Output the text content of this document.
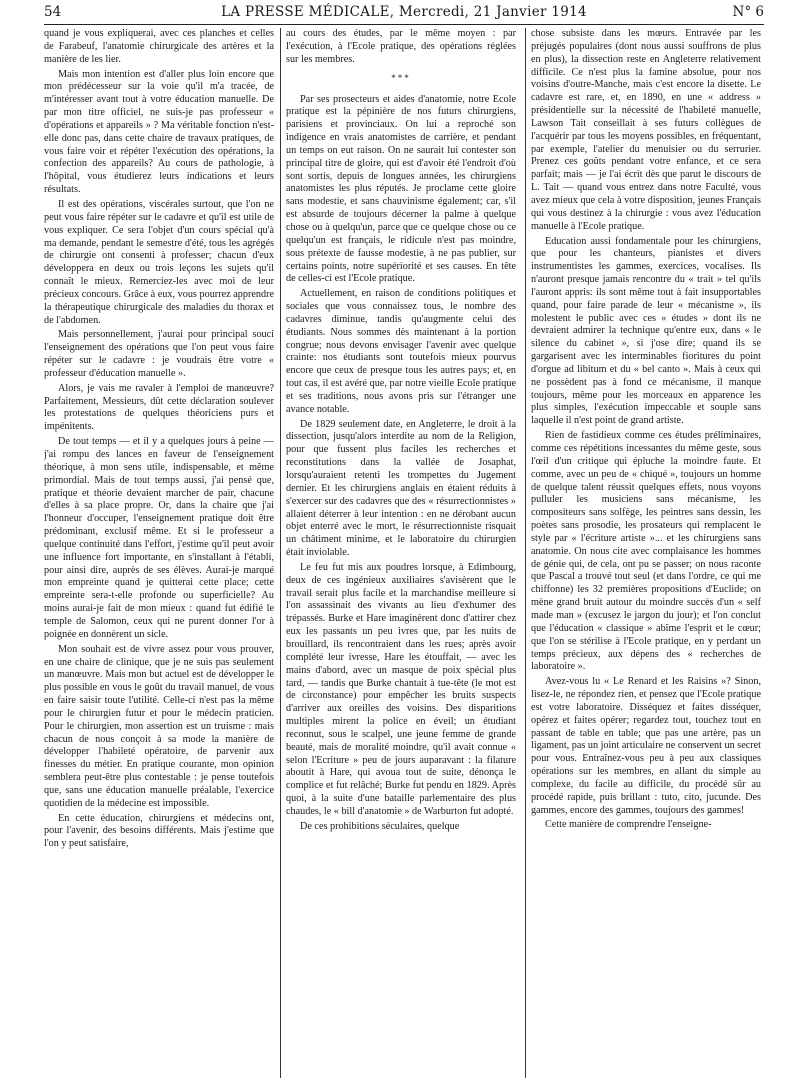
54	LA PRESSE MÉDICALE, Mercredi, 21 Janvier 1914	N° 6

quand je vous expliquerai, avec ces planches et celles de Farabeuf, l'anatomie chirurgicale des artères et la manière de les lier.

Mais mon intention est d'aller plus loin encore que mon prédécesseur sur la voie qu'il m'a tracée, de m'intéresser avant tout à votre éducation manuelle. De par mon titre officiel, ne suis-je pas professeur « d'opérations et appareils » ? Ma véritable fonction n'est-elle donc pas, dans cette chaire de travaux pratiques, de vous faire voir et répéter l'exécution des opérations, la confection des appareils? Au cours de pathologie, à l'hôpital, vous étudierez leurs indications et leurs résultats.

Il est des opérations, viscérales surtout, que l'on ne peut vous faire répéter sur le cadavre et qu'il est utile de vous expliquer. Ce sera l'objet d'un cours spécial qu'à ma demande, pendant le semestre d'été, tous les agrégés de chirurgie ont consenti à professer; chacun d'eux développera en deux ou trois leçons les sujets qu'il connaît le mieux. Remerciez-les avec moi de leur précieux concours. Grâce à eux, vous pourrez apprendre la thérapeutique chirurgicale des maladies du thorax et de l'abdomen.

Mais personnellement, j'aurai pour principal souci l'enseignement des opérations que l'on peut vous faire répéter sur le cadavre : je voudrais être votre « professeur d'éducation manuelle ».

Alors, je vais me ravaler à l'emploi de manœuvre? Parfaitement, Messieurs, dût cette déclaration soulever les protestations de quelques théoriciens purs et impénitents.

De tout temps — et il y a quelques jours à peine — j'ai rompu des lances en faveur de l'enseignement théorique, à mon sens utile, indispensable, et même primordial. Mais de tout temps aussi, j'ai pensé que, pratique et théorie devaient marcher de pair, chacune d'elles à sa place propre. Or, dans la chaire que j'ai l'honneur d'occuper, l'enseignement pratique doit être prédominant, exclusif même. Et si le professeur a quelque continuité dans l'effort, j'estime qu'il peut avoir une influence fort importante, en s'installant à l'établi, pour ainsi dire, auprès de ses élèves. Aurai-je marqué mon empreinte quand je quitterai cette place; cette empreinte sera-t-elle profonde ou superficielle? Au moins aurai-je fait de mon mieux : quand fut édifié le temple de Salomon, ceux qui ne purent donner l'or à poignée en donnèrent un sicle.

Mon souhait est de vivre assez pour vous prouver, en une chaire de clinique, que je ne suis pas seulement un manœuvre. Mais mon but actuel est de développer le plus possible en vous le goût du travail manuel, de vous en faire saisir toute l'utilité. Celle-ci n'est pas la même pour le chirurgien futur et pour le médecin praticien. Pour le chirurgien, mon assertion est un truisme : mais chacun de nous conçoit à sa mode la manière de développer l'habileté opératoire, de parvenir aux finesses du métier. En pratique courante, mon opinion semblera peut-être plus contestable : je pense toutefois que, sans une éducation manuelle préalable, l'exercice quotidien de la médecine est impossible.

En cette éducation, chirurgiens et médecins ont, pour l'avenir, des besoins différents. Mais j'estime que l'on y peut satisfaire,

au cours des études, par le même moyen : par l'exécution, à l'Ecole pratique, des opérations réglées sur les membres.

***

Par ses prosecteurs et aides d'anatomie, notre Ecole pratique est la pépinière de nos futurs chirurgiens, parisiens et provinciaux. On lui a reproché son indigence en vrais anatomistes de carrière, et pendant un temps on eut raison. On ne saurait lui contester son principal titre de gloire, qui est d'avoir été l'endroit d'où sont sortis, depuis de longues années, les chirurgiens anatomistes les plus réputés. Je proclame cette gloire sans modestie, et sans chauvinisme également; car, s'il est absurde de toujours décerner la palme à quelque chose ou à quelqu'un, parce que ce quelque chose ou ce quelqu'un est français, le ridicule n'est pas moindre, sous prétexte de fausse modestie, à ne pas publier, sur certains points, notre supériorité et ses causes. En tête de celles-ci est l'Ecole pratique.

Actuellement, en raison de conditions politiques et sociales que vous connaissez tous, le nombre des cadavres diminue, tandis qu'augmente celui des étudiants. Nous sommes dès maintenant à la portion congrue; nous devons envisager l'avenir avec quelque crainte: nos étudiants sont toutefois mieux pourvus encore que ceux de presque tous les autres pays; et, en tout cas, il est avéré que, par notre vieille Ecole pratique et ses traditions, nous avons pris sur l'étranger une avance notable.

De 1829 seulement date, en Angleterre, le droit à la dissection, jusqu'alors interdite au nom de la Religion, pour que fussent plus faciles les recherches et reconstitutions dans la vallée de Josaphat, lorsqu'auraient retenti les trompettes du Jugement dernier. Et les chirurgiens anglais en étaient réduits à s'exercer sur des cadavres que des « résurrectionnistes » allaient déterrer à leur intention : en ne dérobant aucun objet enterré avec le mort, le résurrectionniste risquait un châtiment minime, et le laboratoire du chirurgien était inviolable.

Le feu fut mis aux poudres lorsque, à Edimbourg, deux de ces ingénieux auxiliaires s'avisèrent que le travail serait plus facile et la marchandise meilleure si l'on assassinait des vivants au lieu d'exhumer des trépassés. Burke et Hare imaginèrent donc d'attirer chez eux les passants un peu ivres que, par les nuits de brouillard, ils rencontraient dans les rues; après avoir complété leur ivresse, Hare les étouffait, — avec les mains d'abord, avec un masque de poix spécial plus tard, — tandis que Burke chantait à tue-tête (le mot est de circonstance) pour empêcher les bruits suspects d'arriver aux oreilles des voisins. Des disparitions multiples mirent la police en éveil; un étudiant reconnut, sous le scalpel, une jeune femme de grande beauté, mais de moralité moindre, qu'il avait connue « selon l'Ecriture » peu de jours auparavant : la filature aboutit à Hare, qui avoua tout de suite, dénonça le complice et fut relâché; Burke fut pendu en 1829. Après quoi, à la suite d'une bataille parlementaire des plus chaudes, le « bill d'anatomie » de Warburton fut adopté.

De ces prohibitions séculaires, quelque

chose subsiste dans les mœurs. Entravée par les préjugés populaires (dont nous aussi souffrons de plus en plus), la dissection reste en Angleterre relativement difficile. Ce n'est plus la famine absolue, pour nos voisins d'outre-Manche, mais c'est encore la disette. Le cadavre est rare, et, en 1890, en une « address » présidentielle sur la nécessité de l'habileté manuelle, Lawson Tait conseillait à ses futurs collègues de l'acquérir par tous les moyens possibles, en fréquentant, par exemple, l'atelier du menuisier ou du serrurier. Prenez ces goûts pendant votre enfance, et ce sera parfait; mais — je l'ai écrit dès que parut le discours de L. Tait — quand vous entrez dans notre Faculté, vous avez mieux que cela à votre disposition, jeunes Français qui vous destinez à la chirurgie : vous avez l'éducation manuelle à l'Ecole pratique.

Education aussi fondamentale pour les chirurgiens, que pour les chanteurs, pianistes et divers instrumentistes les gammes, exercices, vocalises. Ils n'auront presque jamais rencontre du « trait » tel qu'ils l'auront appris: ils sont même tout à fait insupportables quand, pour faire parade de leur « mécanisme », ils molestent le public avec ces « études » dont ils ne devraient admirer la technique qu'entre eux, dans « le silence du cabinet », si j'ose dire; quand ils se gargarisent avec les interminables fioritures du point d'orgue ad libitum et du « bel canto ». Mais à ceux qui ne possèdent pas à fond ce mécanisme, il manque toujours, même pour les morceaux en apparence les plus simples, l'exécution impeccable et souple sans laquelle il n'est point de grand artiste.

Rien de fastidieux comme ces études préliminaires, comme ces répétitions incessantes du même geste, sous l'œil d'un critique qui épluche la moindre faute. Et comme, avec un peu de « chiqué », toujours un homme de quelque talent réussit quelques effets, nous voyons pulluler les musiciens sans mécanisme, les compositeurs sans solfège, les peintres sans dessin, les poètes sans prosodie, les prosateurs qui remplacent le style par « l'écriture artiste »... et les chirurgiens sans anatomie. On nous cite avec complaisance les hommes de génie qui, de cela, ont pu se passer; on nous raconte que Pascal a trouvé tout seul (et dans l'ordre, ce qui me chiffonne) les 32 premières propositions d'Euclide; on mène grand bruit autour du moindre succès d'un « self made man » (excusez le jargon du jour); et l'on conclut que l'éducation « classique » abîme l'esprit et le cœur; que l'on se stérilise à l'Ecole pratique, en y perdant un temps précieux, aux dépens des « recherches de laboratoire ».

Avez-vous lu « Le Renard et les Raisins »? Sinon, lisez-le, ne répondez rien, et pensez que l'Ecole pratique est votre laboratoire. Disséquez et faites disséquer, opérez et faites opérer; regardez tout, touchez tout en passant de table en table; que pas une artère, pas un ligament, pas un joint articulaire ne conservent un secret pour vous. Entraînez-vous peu à peu aux classiques opérations sur les membres, en allant du simple au complexe, du facile au difficile, du procédé sûr au procédé rapide, puis brillant : tuto, cito, jucunde. Des gammes, encore des gammes, toujours des gammes!

Cette manière de comprendre l'enseigne-
